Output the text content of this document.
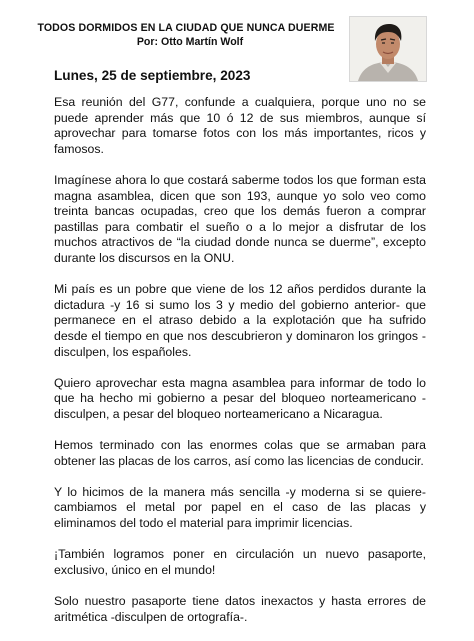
TODOS DORMIDOS EN LA CIUDAD QUE NUNCA DUERME
Por: Otto Martín Wolf
Lunes, 25 de septiembre, 2023

Esa reunión del G77, confunde a cualquiera, porque uno no se puede aprender más que 10 ó 12 de sus miembros, aunque sí aprovechar para tomarse fotos con los más importantes, ricos y famosos.

Imagínese ahora lo que costará saberme todos los que forman esta magna asamblea, dicen que son 193, aunque yo solo veo como treinta bancas ocupadas, creo que los demás fueron a comprar pastillas para combatir el sueño o a lo mejor a disfrutar de los muchos atractivos de “la ciudad donde nunca se duerme”, excepto durante los discursos en la ONU.

Mi país es un pobre que viene de los 12 años perdidos durante la dictadura -y 16 si sumo los 3 y medio del gobierno anterior- que permanece en el atraso debido a la explotación que ha sufrido desde el tiempo en que nos descubrieron y dominaron los gringos -disculpen, los españoles.

Quiero aprovechar esta magna asamblea para informar de todo lo que ha hecho mi gobierno a pesar del bloqueo norteamericano -disculpen, a pesar del bloqueo norteamericano a Nicaragua.

Hemos terminado con las enormes colas que se armaban para obtener las placas de los carros, así como las licencias de conducir.

Y lo hicimos de la manera más sencilla -y moderna si se quiere- cambiamos el metal por papel en el caso de las placas y eliminamos del todo el material para imprimir licencias.

¡También logramos poner en circulación un nuevo pasaporte, exclusivo, único en el mundo!

Solo nuestro pasaporte tiene datos inexactos y hasta errores de aritmética -disculpen de ortografía-.
